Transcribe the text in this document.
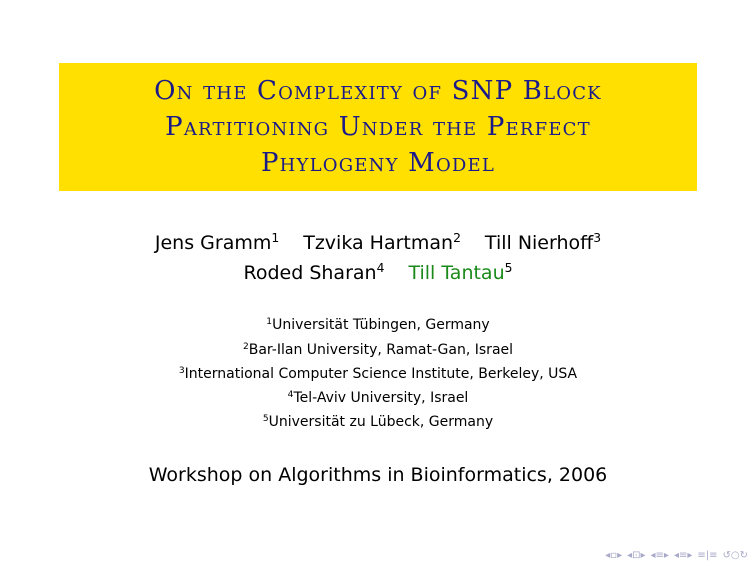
On the Complexity of SNP Block
Partitioning Under the Perfect
Phylogeny Model
Jens Gramm$^1$ Tzvika Hartman$^2$ Till Nierhoff$^3$
Roded Sharan$^4$ Till Tantau$^5$
$^1$Universität Tübingen, Germany
$^2$Bar-Ilan University, Ramat-Gan, Israel
$^3$International Computer Science Institute, Berkeley, USA
$^4$Tel-Aviv University, Israel
$^5$Universität zu Lübeck, Germany
Workshop on Algorithms in Bioinformatics, 2006
◂▫▸ ◂⊡▸ ◂≡▸ ◂≡▸ ≡|≡ ↺○↻
